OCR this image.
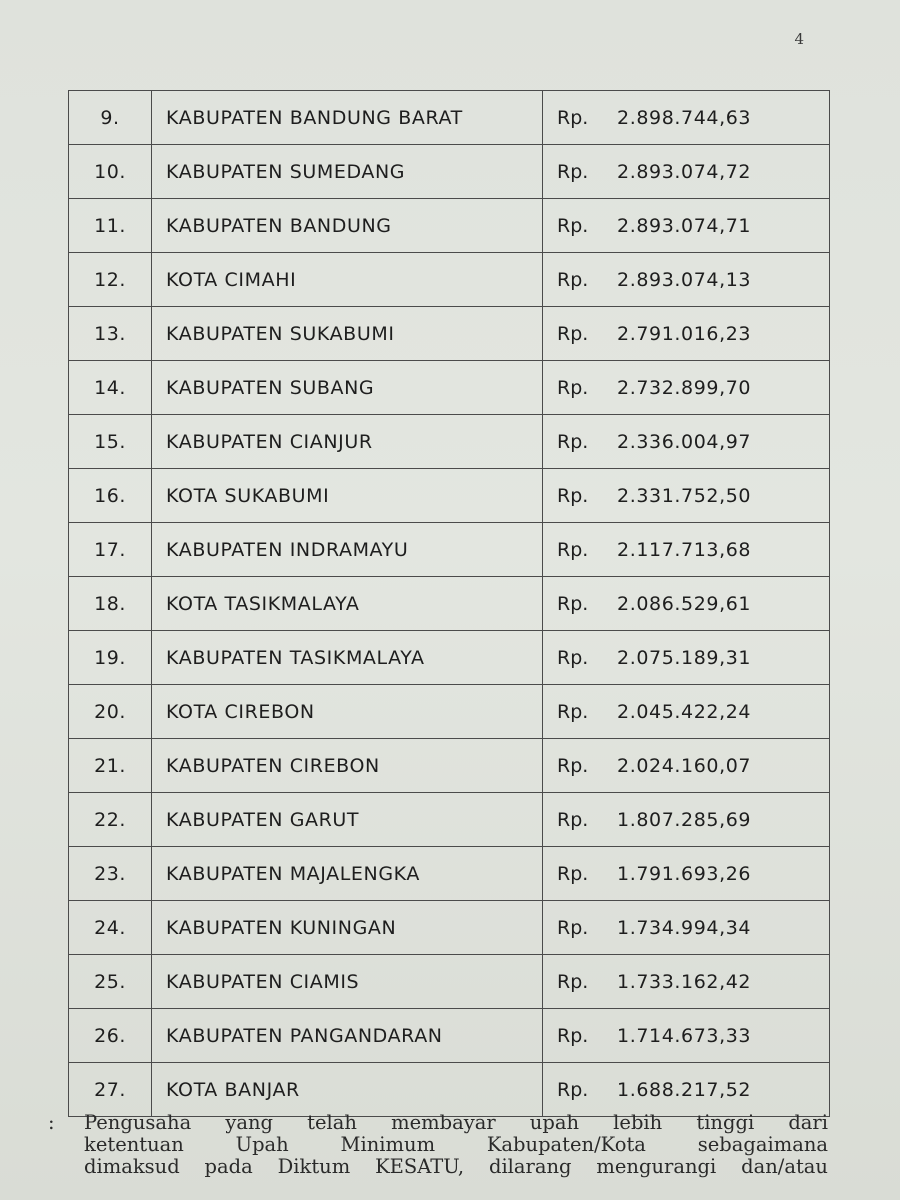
4
9.	KABUPATEN BANDUNG BARAT	Rp. 2.898.744,63
10.	KABUPATEN SUMEDANG	Rp. 2.893.074,72
11.	KABUPATEN BANDUNG	Rp. 2.893.074,71
12.	KOTA CIMAHI	Rp. 2.893.074,13
13.	KABUPATEN SUKABUMI	Rp. 2.791.016,23
14.	KABUPATEN SUBANG	Rp. 2.732.899,70
15.	KABUPATEN CIANJUR	Rp. 2.336.004,97
16.	KOTA SUKABUMI	Rp. 2.331.752,50
17.	KABUPATEN INDRAMAYU	Rp. 2.117.713,68
18.	KOTA TASIKMALAYA	Rp. 2.086.529,61
19.	KABUPATEN TASIKMALAYA	Rp. 2.075.189,31
20.	KOTA CIREBON	Rp. 2.045.422,24
21.	KABUPATEN CIREBON	Rp. 2.024.160,07
22.	KABUPATEN GARUT	Rp. 1.807.285,69
23.	KABUPATEN MAJALENGKA	Rp. 1.791.693,26
24.	KABUPATEN KUNINGAN	Rp. 1.734.994,34
25.	KABUPATEN CIAMIS	Rp. 1.733.162,42
26.	KABUPATEN PANGANDARAN	Rp. 1.714.673,33
27.	KOTA BANJAR	Rp. 1.688.217,52
: Pengusaha yang telah membayar upah lebih tinggi dari
ketentuan Upah Minimum Kabupaten/Kota sebagaimana
dimaksud pada Diktum KESATU, dilarang mengurangi dan/atau
